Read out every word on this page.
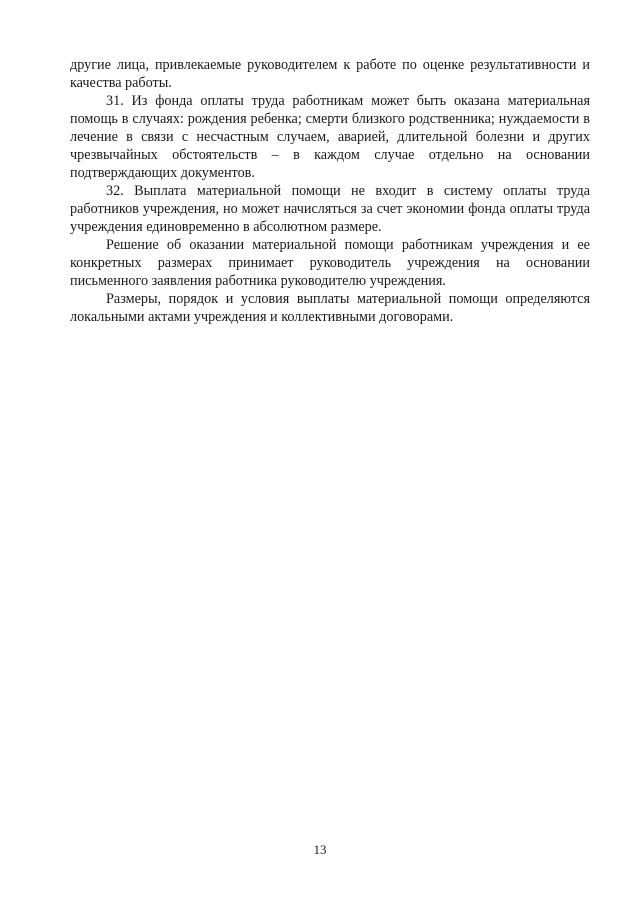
другие лица, привлекаемые руководителем к работе по оценке результативности и качества работы.

31. Из фонда оплаты труда работникам может быть оказана материальная помощь в случаях: рождения ребенка; смерти близкого родственника; нуждаемости в лечение в связи с несчастным случаем, аварией, длительной болезни и других чрезвычайных обстоятельств – в каждом случае отдельно на основании подтверждающих документов.

32. Выплата материальной помощи не входит в систему оплаты труда работников учреждения, но может начисляться за счет экономии фонда оплаты труда учреждения единовременно в абсолютном размере.

Решение об оказании материальной помощи работникам учреждения и ее конкретных размерах принимает руководитель учреждения на основании письменного заявления работника руководителю учреждения.

Размеры, порядок и условия выплаты материальной помощи определяются локальными актами учреждения и коллективными договорами.

13
